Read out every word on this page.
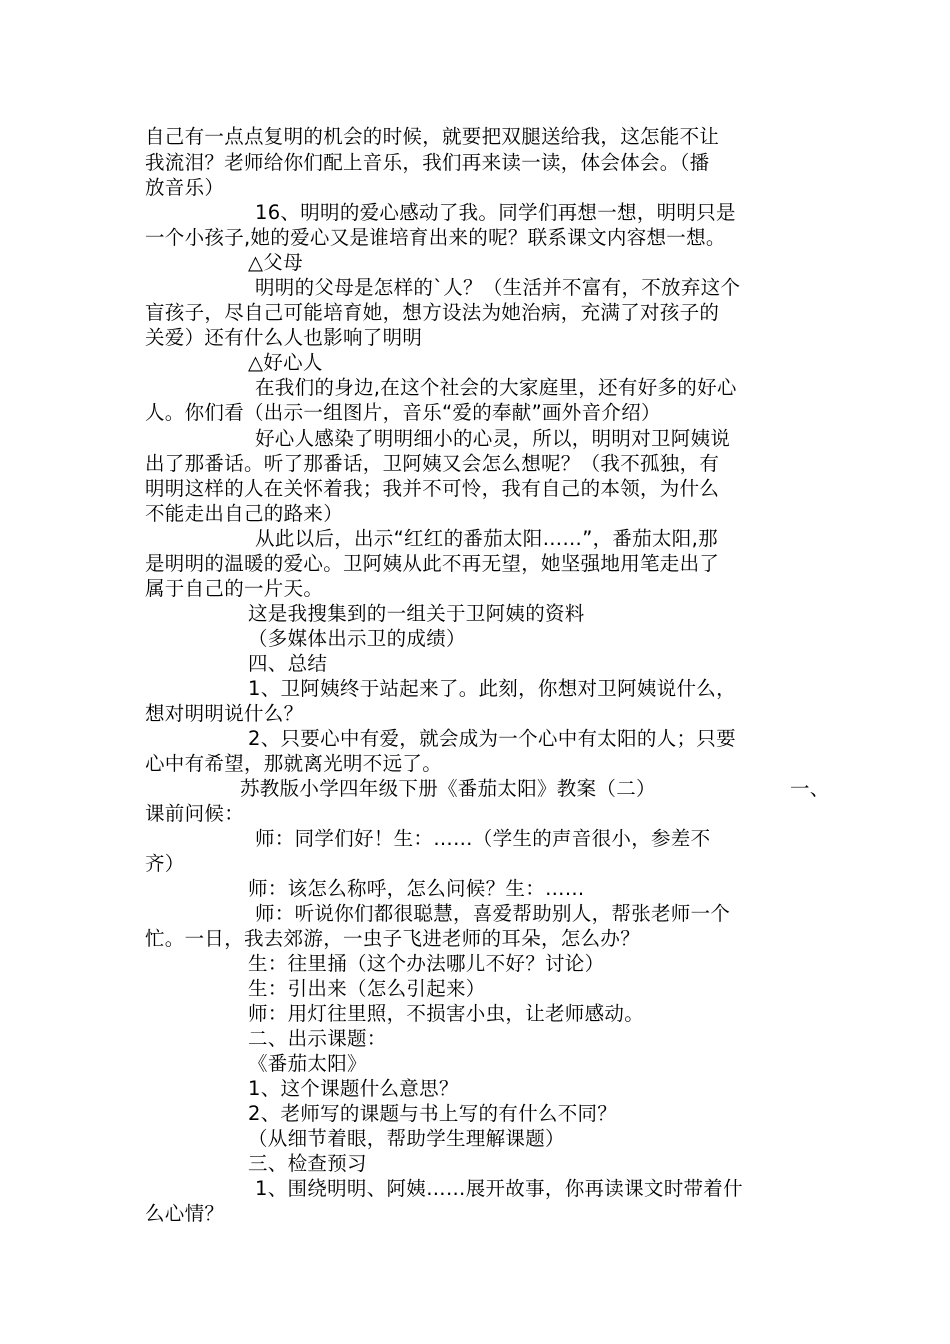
自己有一点点复明的机会的时候，就要把双腿送给我，这怎能不让
我流泪？老师给你们配上音乐，我们再来读一读，体会体会。（播
放音乐）
16、明明的爱心感动了我。同学们再想一想，明明只是
一个小孩子,她的爱心又是谁培育出来的呢？联系课文内容想一想。
△父母
明明的父母是怎样的`人？（生活并不富有，不放弃这个
盲孩子，尽自己可能培育她，想方设法为她治病，充满了对孩子的
关爱）还有什么人也影响了明明
△好心人
在我们的身边,在这个社会的大家庭里，还有好多的好心
人。你们看（出示一组图片，音乐“爱的奉献”画外音介绍）
好心人感染了明明细小的心灵，所以，明明对卫阿姨说
出了那番话。听了那番话，卫阿姨又会怎么想呢？（我不孤独，有
明明这样的人在关怀着我；我并不可怜，我有自己的本领，为什么
不能走出自己的路来）
从此以后，出示“红红的番茄太阳……”，番茄太阳,那
是明明的温暖的爱心。卫阿姨从此不再无望，她坚强地用笔走出了
属于自己的一片天。
这是我搜集到的一组关于卫阿姨的资料
（多媒体出示卫的成绩）
四、总结
1、卫阿姨终于站起来了。此刻，你想对卫阿姨说什么，
想对明明说什么？
2、只要心中有爱，就会成为一个心中有太阳的人；只要
心中有希望，那就离光明不远了。
苏教版小学四年级下册《番茄太阳》教案（二）	一、
课前问候：
师：同学们好！生：……（学生的声音很小，参差不
齐）
师：该怎么称呼，怎么问候？生：……
师：听说你们都很聪慧，喜爱帮助别人，帮张老师一个
忙。一日，我去郊游，一虫子飞进老师的耳朵，怎么办？
生：往里捅（这个办法哪儿不好？讨论）
生：引出来（怎么引起来）
师：用灯往里照，不损害小虫，让老师感动。
二、出示课题：
《番茄太阳》
1、这个课题什么意思？
2、老师写的课题与书上写的有什么不同？
（从细节着眼，帮助学生理解课题）
三、检查预习
1、围绕明明、阿姨……展开故事，你再读课文时带着什
么心情？
